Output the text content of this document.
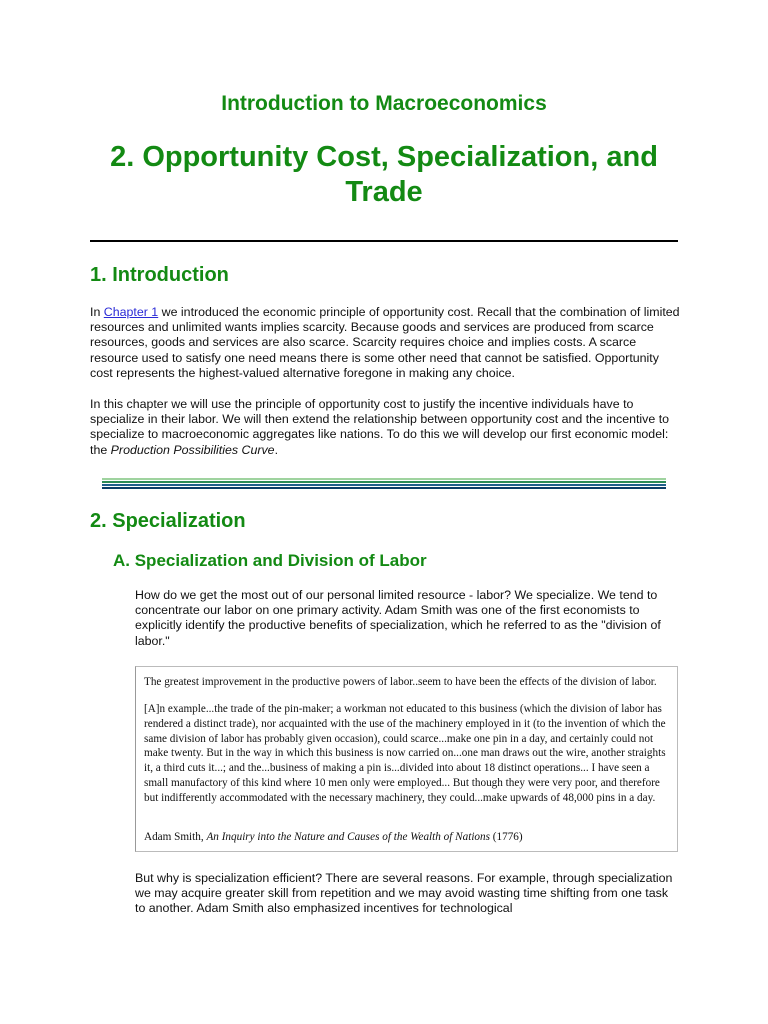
Introduction to Macroeconomics
2. Opportunity Cost, Specialization, and Trade
1. Introduction
In Chapter 1 we introduced the economic principle of opportunity cost. Recall that the combination of limited resources and unlimited wants implies scarcity. Because goods and services are produced from scarce resources, goods and services are also scarce. Scarcity requires choice and implies costs. A scarce resource used to satisfy one need means there is some other need that cannot be satisfied. Opportunity cost represents the highest-valued alternative foregone in making any choice.
In this chapter we will use the principle of opportunity cost to justify the incentive individuals have to specialize in their labor. We will then extend the relationship between opportunity cost and the incentive to specialize to macroeconomic aggregates like nations. To do this we will develop our first economic model: the Production Possibilities Curve.
2. Specialization
A. Specialization and Division of Labor
How do we get the most out of our personal limited resource - labor? We specialize. We tend to concentrate our labor on one primary activity. Adam Smith was one of the first economists to explicitly identify the productive benefits of specialization, which he referred to as the "division of labor."
The greatest improvement in the productive powers of labor..seem to have been the effects of the division of labor.
[A]n example...the trade of the pin-maker; a workman not educated to this business (which the division of labor has rendered a distinct trade), nor acquainted with the use of the machinery employed in it (to the invention of which the same division of labor has probably given occasion), could scarce...make one pin in a day, and certainly could not make twenty. But in the way in which this business is now carried on...one man draws out the wire, another straights it, a third cuts it...; and the...business of making a pin is...divided into about 18 distinct operations... I have seen a small manufactory of this kind where 10 men only were employed... But though they were very poor, and therefore but indifferently accommodated with the necessary machinery, they could...make upwards of 48,000 pins in a day.
Adam Smith, An Inquiry into the Nature and Causes of the Wealth of Nations (1776)
But why is specialization efficient? There are several reasons. For example, through specialization we may acquire greater skill from repetition and we may avoid wasting time shifting from one task to another. Adam Smith also emphasized incentives for technological
